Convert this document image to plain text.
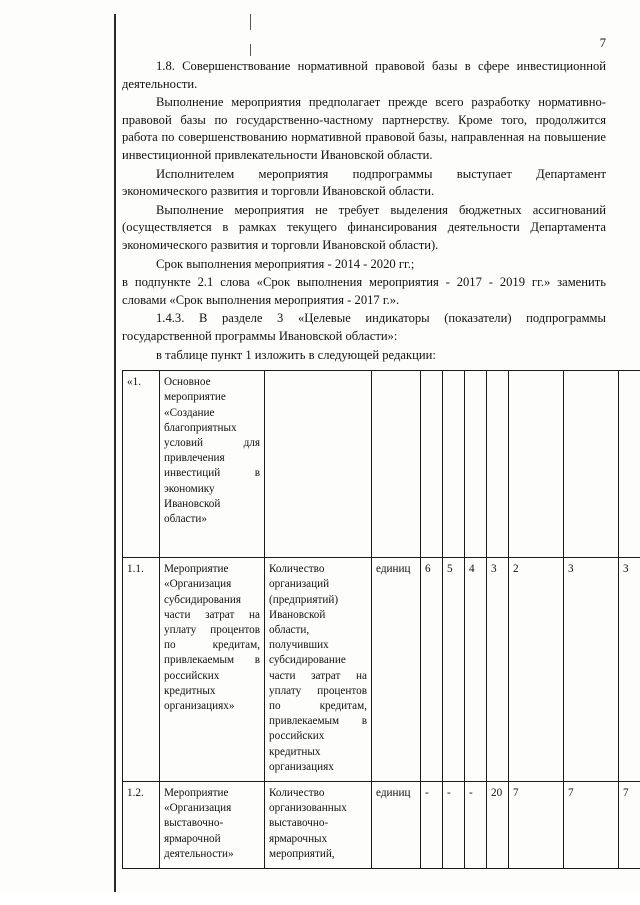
7

1.8. Совершенствование нормативной правовой базы в сфере инвестиционной деятельности.

Выполнение мероприятия предполагает прежде всего разработку нормативно-правовой базы по государственно-частному партнерству. Кроме того, продолжится работа по совершенствованию нормативной правовой базы, направленная на повышение инвестиционной привлекательности Ивановской области.

Исполнителем мероприятия подпрограммы выступает Департамент экономического развития и торговли Ивановской области.

Выполнение мероприятия не требует выделения бюджетных ассигнований (осуществляется в рамках текущего финансирования деятельности Департамента экономического развития и торговли Ивановской области).

Срок выполнения мероприятия - 2014 - 2020 гг.;

в подпункте 2.1 слова «Срок выполнения мероприятия - 2017 - 2019 гг.» заменить словами «Срок выполнения мероприятия - 2017 г.».

1.4.3. В разделе 3 «Целевые индикаторы (показатели) подпрограммы государственной программы Ивановской области»:

в таблице пункт 1 изложить в следующей редакции:

«1.	Основное мероприятие «Создание благоприятных условий для привлечения инвестиций в экономику Ивановской области»									
1.1.	Мероприятие «Организация субсидирования части затрат на уплату процентов по кредитам, привлекаемым в российских кредитных организациях»	Количество организаций (предприятий) Ивановской области, получивших субсидирование части затрат на уплату процентов по кредитам, привлекаемым в российских кредитных организациях	единиц	6	5	4	3	2	3	3
1.2.	Мероприятие «Организация выставочно-ярмарочной деятельности»	Количество организованных выставочно-ярмарочных мероприятий,	единиц	-	-	-	20	7	7	7
